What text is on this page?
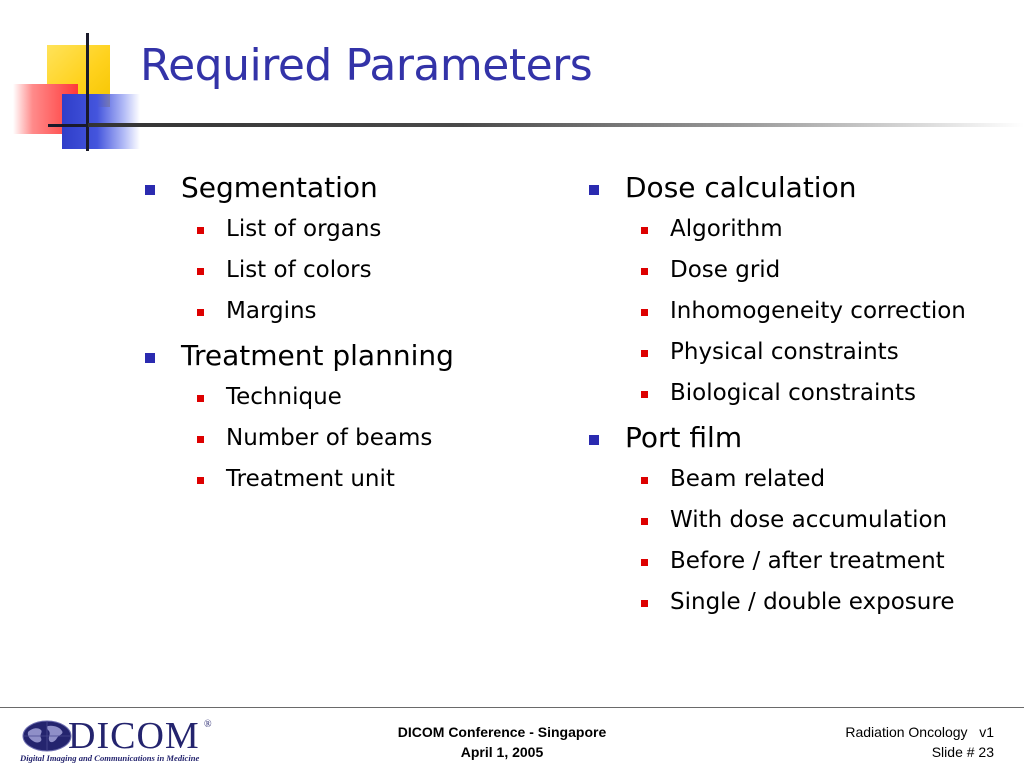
Required Parameters
Segmentation
List of organs
List of colors
Margins
Treatment planning
Technique
Number of beams
Treatment unit
Dose calculation
Algorithm
Dose grid
Inhomogeneity correction
Physical constraints
Biological constraints
Port film
Beam related
With dose accumulation
Before / after treatment
Single / double exposure
DICOM ®
Digital Imaging and Communications in Medicine
DICOM Conference - Singapore
April 1, 2005
Radiation Oncology   v1
Slide # 23
